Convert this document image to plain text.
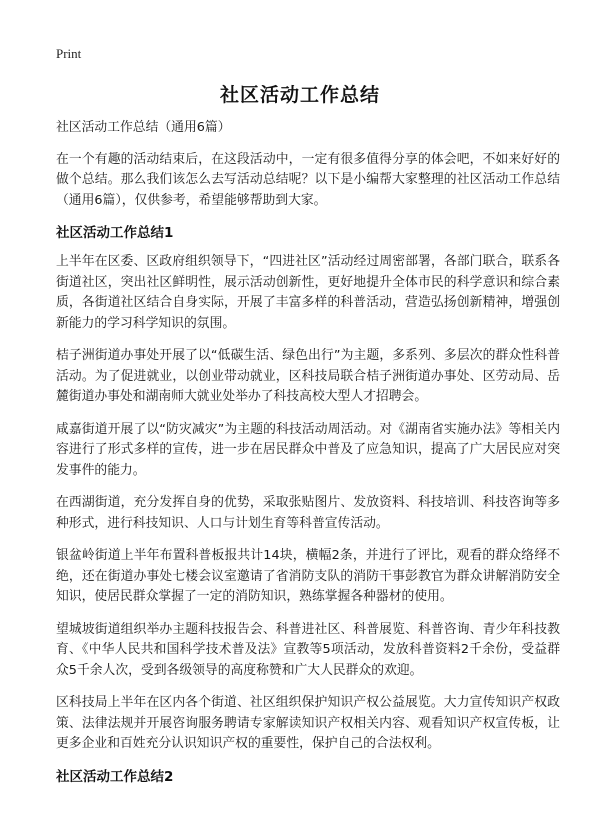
Print
社区活动工作总结

社区活动工作总结（通用6篇）

在一个有趣的活动结束后，在这段活动中，一定有很多值得分享的体会吧，不如来好好的做个总结。那么我们该怎么去写活动总结呢？以下是小编帮大家整理的社区活动工作总结（通用6篇），仅供参考，希望能够帮助到大家。

社区活动工作总结1

上半年在区委、区政府组织领导下，“四进社区”活动经过周密部署，各部门联合，联系各街道社区，突出社区鲜明性，展示活动创新性，更好地提升全体市民的科学意识和综合素质，各街道社区结合自身实际，开展了丰富多样的科普活动，营造弘扬创新精神，增强创新能力的学习科学知识的氛围。

桔子洲街道办事处开展了以“低碳生活、绿色出行”为主题，多系列、多层次的群众性科普活动。为了促进就业，以创业带动就业，区科技局联合桔子洲街道办事处、区劳动局、岳麓街道办事处和湖南师大就业处举办了科技高校大型人才招聘会。

咸嘉街道开展了以“防灾减灾”为主题的科技活动周活动。对《湖南省实施办法》等相关内容进行了形式多样的宣传，进一步在居民群众中普及了应急知识，提高了广大居民应对突发事件的能力。

在西湖街道，充分发挥自身的优势，采取张贴图片、发放资料、科技培训、科技咨询等多种形式，进行科技知识、人口与计划生育等科普宣传活动。

银盆岭街道上半年布置科普板报共计14块，横幅2条，并进行了评比，观看的群众络绎不绝，还在街道办事处七楼会议室邀请了省消防支队的消防干事彭教官为群众讲解消防安全知识，使居民群众掌握了一定的消防知识，熟练掌握各种器材的使用。

望城坡街道组织举办主题科技报告会、科普进社区、科普展览、科普咨询、青少年科技教育、《中华人民共和国科学技术普及法》宣教等5项活动，发放科普资料2千余份，受益群众5千余人次，受到各级领导的高度称赞和广大人民群众的欢迎。

区科技局上半年在区内各个街道、社区组织保护知识产权公益展览。大力宣传知识产权政策、法律法规并开展咨询服务聘请专家解读知识产权相关内容、观看知识产权宣传板，让更多企业和百姓充分认识知识产权的重要性，保护自己的合法权利。

社区活动工作总结2
